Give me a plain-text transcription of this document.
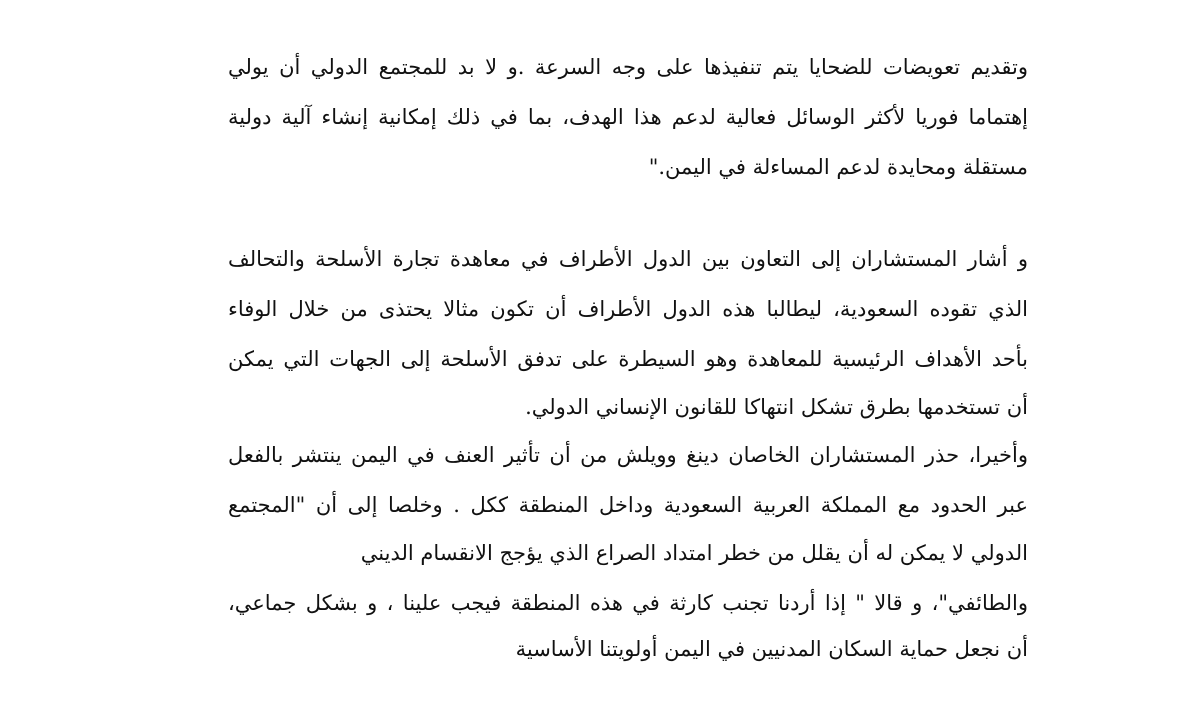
وتقديم تعويضات للضحايا يتم تنفيذها على وجه السرعة .و لا بد للمجتمع الدولي أن يولي
إهتماما فوريا لأكثر الوسائل فعالية لدعم هذا الهدف، بما في ذلك إمكانية إنشاء آلية دولية
مستقلة ومحايدة لدعم المساءلة في اليمن."
و أشار المستشاران إلى التعاون بين الدول الأطراف في معاهدة تجارة الأسلحة والتحالف
الذي تقوده السعودية، ليطالبا هذه الدول الأطراف أن تكون مثالا يحتذى من خلال الوفاء
بأحد الأهداف الرئيسية للمعاهدة وهو السيطرة على تدفق الأسلحة إلى الجهات التي يمكن
أن تستخدمها بطرق تشكل انتهاكا للقانون الإنساني الدولي.
وأخيرا، حذر المستشاران الخاصان دينغ وويلش من أن تأثير العنف في اليمن ينتشر بالفعل
عبر الحدود مع المملكة العربية السعودية وداخل المنطقة ككل . وخلصا إلى أن "المجتمع
الدولي لا يمكن له أن يقلل من خطر امتداد الصراع الذي يؤجج الانقسام الديني
والطائفي"، و قالا " إذا أردنا تجنب كارثة في هذه المنطقة فيجب علينا ، و بشكل جماعي،
أن نجعل حماية السكان المدنيين في اليمن أولويتنا الأساسية
